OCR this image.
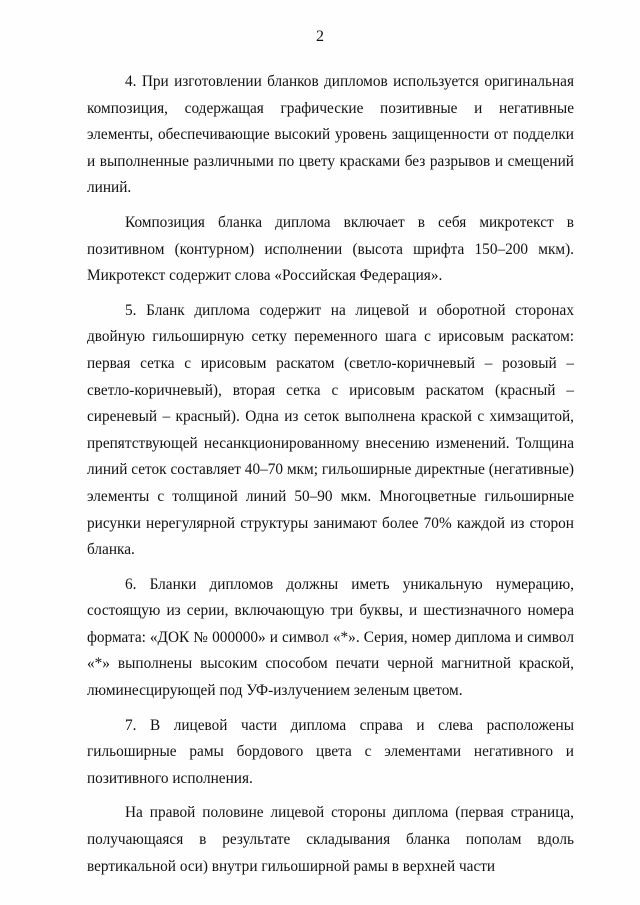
2

4. При изготовлении бланков дипломов используется оригинальная композиция, содержащая графические позитивные и негативные элементы, обеспечивающие высокий уровень защищенности от подделки и выполненные различными по цвету красками без разрывов и смещений линий.

Композиция бланка диплома включает в себя микротекст в позитивном (контурном) исполнении (высота шрифта 150–200 мкм). Микротекст содержит слова «Российская Федерация».

5. Бланк диплома содержит на лицевой и оборотной сторонах двойную гильоширную сетку переменного шага с ирисовым раскатом: первая сетка с ирисовым раскатом (светло-коричневый – розовый – светло-коричневый), вторая сетка с ирисовым раскатом (красный – сиреневый – красный). Одна из сеток выполнена краской с химзащитой, препятствующей несанкционированному внесению изменений. Толщина линий сеток составляет 40–70 мкм; гильоширные директные (негативные) элементы с толщиной линий 50–90 мкм. Многоцветные гильоширные рисунки нерегулярной структуры занимают более 70% каждой из сторон бланка.

6. Бланки дипломов должны иметь уникальную нумерацию, состоящую из серии, включающую три буквы, и шестизначного номера формата: «ДОК № 000000» и символ «*». Серия, номер диплома и символ «*» выполнены высоким способом печати черной магнитной краской, люминесцирующей под УФ-излучением зеленым цветом.

7. В лицевой части диплома справа и слева расположены гильоширные рамы бордового цвета с элементами негативного и позитивного исполнения.

На правой половине лицевой стороны диплома (первая страница, получающаяся в результате складывания бланка пополам вдоль вертикальной оси) внутри гильоширной рамы в верхней части
